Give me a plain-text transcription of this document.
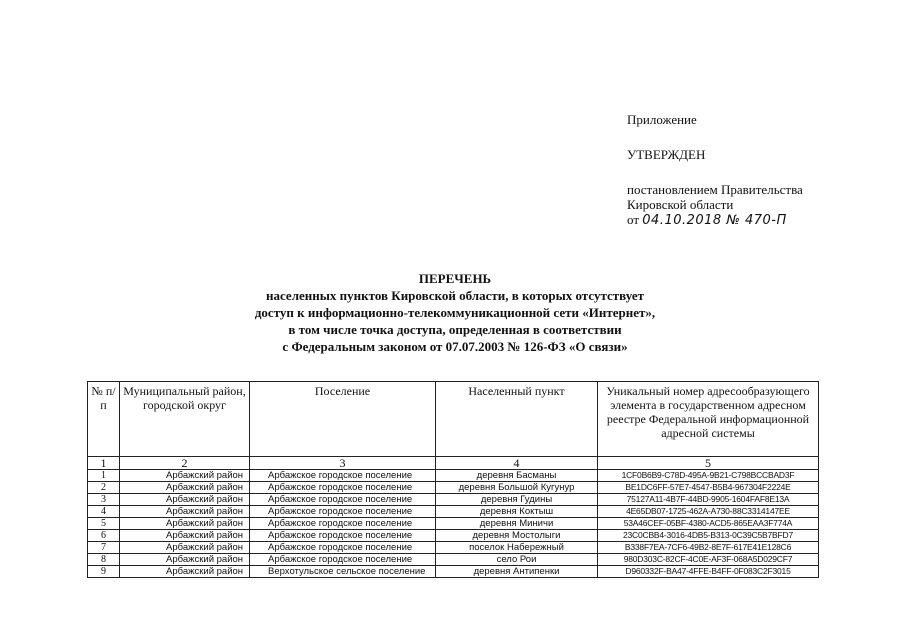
Приложение
УТВЕРЖДЕН
постановлением Правительства
Кировской области
от 04.10.2018 № 470-П
ПЕРЕЧЕНЬ
населенных пунктов Кировской области, в которых отсутствует
доступ к информационно-телекоммуникационной сети «Интернет»,
в том числе точка доступа, определенная в соответствии
с Федеральным законом от 07.07.2003 № 126-ФЗ «О связи»
№ п/п	Муниципальный район, городской округ	Поселение	Населенный пункт	Уникальный номер адресообразующего элемента в государственном адресном реестре Федеральной информационной адресной системы
1	2	3	4	5
1	Арбажский район	Арбажское городское поселение	деревня Басманы	1CF0B6B9-C78D-495A-9B21-C798BCCBAD3F
2	Арбажский район	Арбажское городское поселение	деревня Большой Кугунур	BE1DC6FF-57E7-4547-B5B4-967304F2224E
3	Арбажский район	Арбажское городское поселение	деревня Гудины	75127A11-4B7F-44BD-9905-1604FAF8E13A
4	Арбажский район	Арбажское городское поселение	деревня Коктыш	4E65DB07-1725-462A-A730-88C3314147EE
5	Арбажский район	Арбажское городское поселение	деревня Миничи	53A46CEF-05BF-4380-ACD5-865EAA3F774A
6	Арбажский район	Арбажское городское поселение	деревня Мостолыги	23C0CBB4-3016-4DB5-B313-0C39C5B7BFD7
7	Арбажский район	Арбажское городское поселение	поселок Набережный	B338F7EA-7CF6-49B2-8E7F-617E41E128C6
8	Арбажский район	Арбажское городское поселение	село Рои	980D303C-82CF-4C0E-AF3F-068A5D029CF7
9	Арбажский район	Верхотульское сельское поселение	деревня Антипенки	D960332F-BA47-4FFE-B4FF-0F083C2F3015
